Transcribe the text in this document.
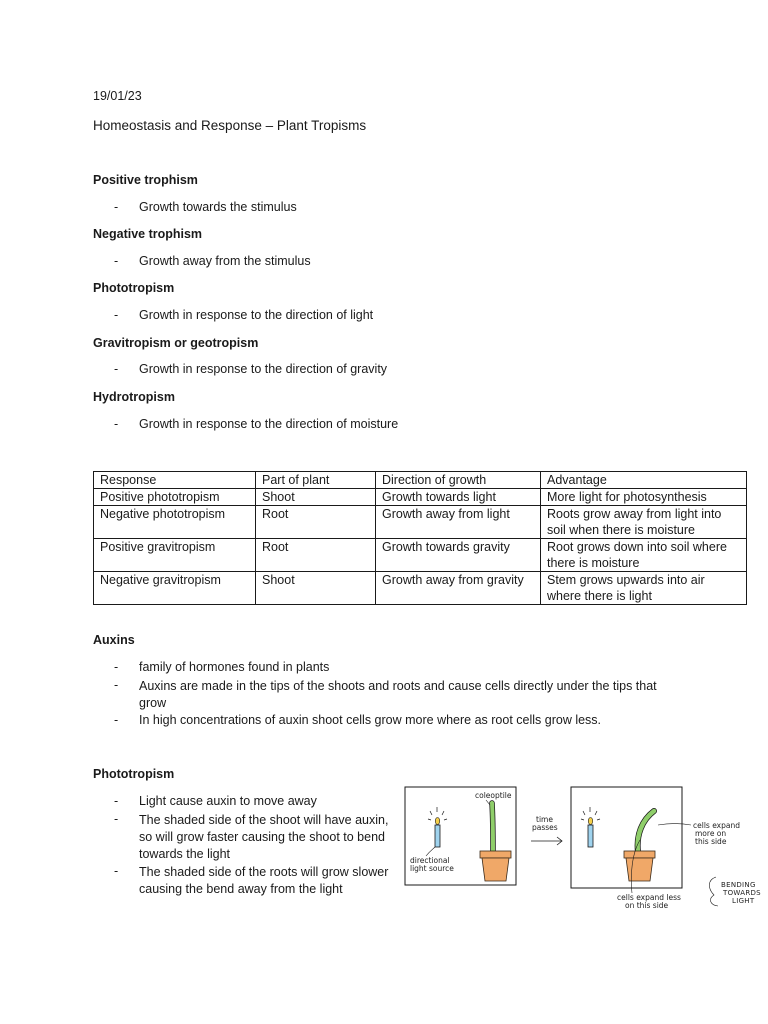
19/01/23
Homeostasis and Response – Plant Tropisms
Positive trophism
- Growth towards the stimulus
Negative trophism
- Growth away from the stimulus
Phototropism
- Growth in response to the direction of light
Gravitropism or geotropism
- Growth in response to the direction of gravity
Hydrotropism
- Growth in response to the direction of moisture
Response	Part of plant	Direction of growth	Advantage
Positive phototropism	Shoot	Growth towards light	More light for photosynthesis
Negative phototropism	Root	Growth away from light	Roots grow away from light into soil when there is moisture
Positive gravitropism	Root	Growth towards gravity	Root grows down into soil where there is moisture
Negative gravitropism	Shoot	Growth away from gravity	Stem grows upwards into air where there is light
Auxins
- family of hormones found in plants
- Auxins are made in the tips of the shoots and roots and cause cells directly under the tips that grow
- In high concentrations of auxin shoot cells grow more where as root cells grow less.
Phototropism
- Light cause auxin to move away
- The shaded side of the shoot will have auxin, so will grow faster causing the shoot to bend towards the light
- The shaded side of the roots will grow slower causing the bend away from the light
coleoptile
directional
light source
time
passes	cells expand
more on
this side
cells expand less
on this side
BENDING
TOWARDS
LIGHT
